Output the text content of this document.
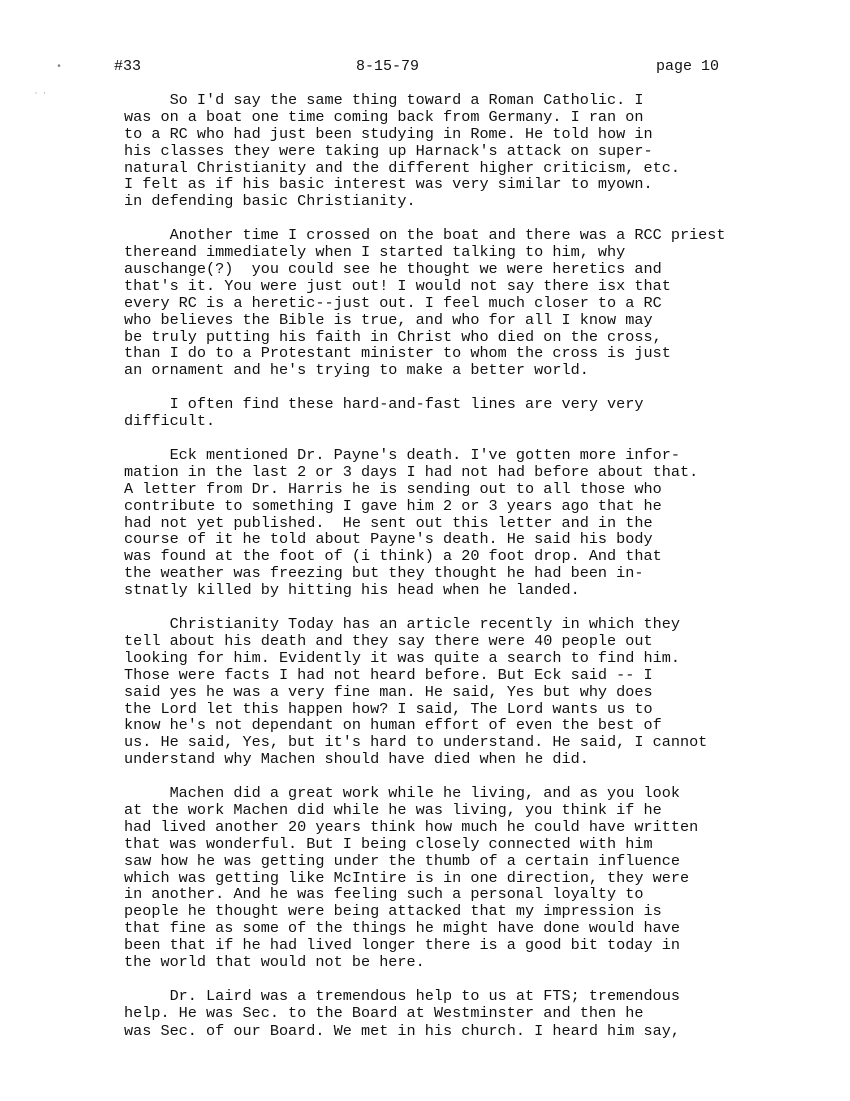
•
· ·
#33	8-15-79	page 10
So I'd say the same thing toward a Roman Catholic. I
was on a boat one time coming back from Germany. I ran on
to a RC who had just been studying in Rome. He told how in
his classes they were taking up Harnack's attack on super-
natural Christianity and the different higher criticism, etc.
I felt as if his basic interest was very similar to myown.
in defending basic Christianity.
Another time I crossed on the boat and there was a RCC priest
thereand immediately when I started talking to him, why
auschange(?)  you could see he thought we were heretics and
that's it. You were just out! I would not say there isx that
every RC is a heretic--just out. I feel much closer to a RC
who believes the Bible is true, and who for all I know may
be truly putting his faith in Christ who died on the cross,
than I do to a Protestant minister to whom the cross is just
an ornament and he's trying to make a better world.
I often find these hard-and-fast lines are very very
difficult.
Eck mentioned Dr. Payne's death. I've gotten more infor-
mation in the last 2 or 3 days I had not had before about that.
A letter from Dr. Harris he is sending out to all those who
contribute to something I gave him 2 or 3 years ago that he
had not yet published.  He sent out this letter and in the
course of it he told about Payne's death. He said his body
was found at the foot of (i think) a 20 foot drop. And that
the weather was freezing but they thought he had been in-
stnatly killed by hitting his head when he landed.
Christianity Today has an article recently in which they
tell about his death and they say there were 40 people out
looking for him. Evidently it was quite a search to find him.
Those were facts I had not heard before. But Eck said -- I
said yes he was a very fine man. He said, Yes but why does
the Lord let this happen how? I said, The Lord wants us to
know he's not dependant on human effort of even the best of
us. He said, Yes, but it's hard to understand. He said, I cannot
understand why Machen should have died when he did.
Machen did a great work while he living, and as you look
at the work Machen did while he was living, you think if he
had lived another 20 years think how much he could have written
that was wonderful. But I being closely connected with him
saw how he was getting under the thumb of a certain influence
which was getting like McIntire is in one direction, they were
in another. And he was feeling such a personal loyalty to
people he thought were being attacked that my impression is
that fine as some of the things he might have done would have
been that if he had lived longer there is a good bit today in
the world that would not be here.
Dr. Laird was a tremendous help to us at FTS; tremendous
help. He was Sec. to the Board at Westminster and then he
was Sec. of our Board. We met in his church. I heard him say,
